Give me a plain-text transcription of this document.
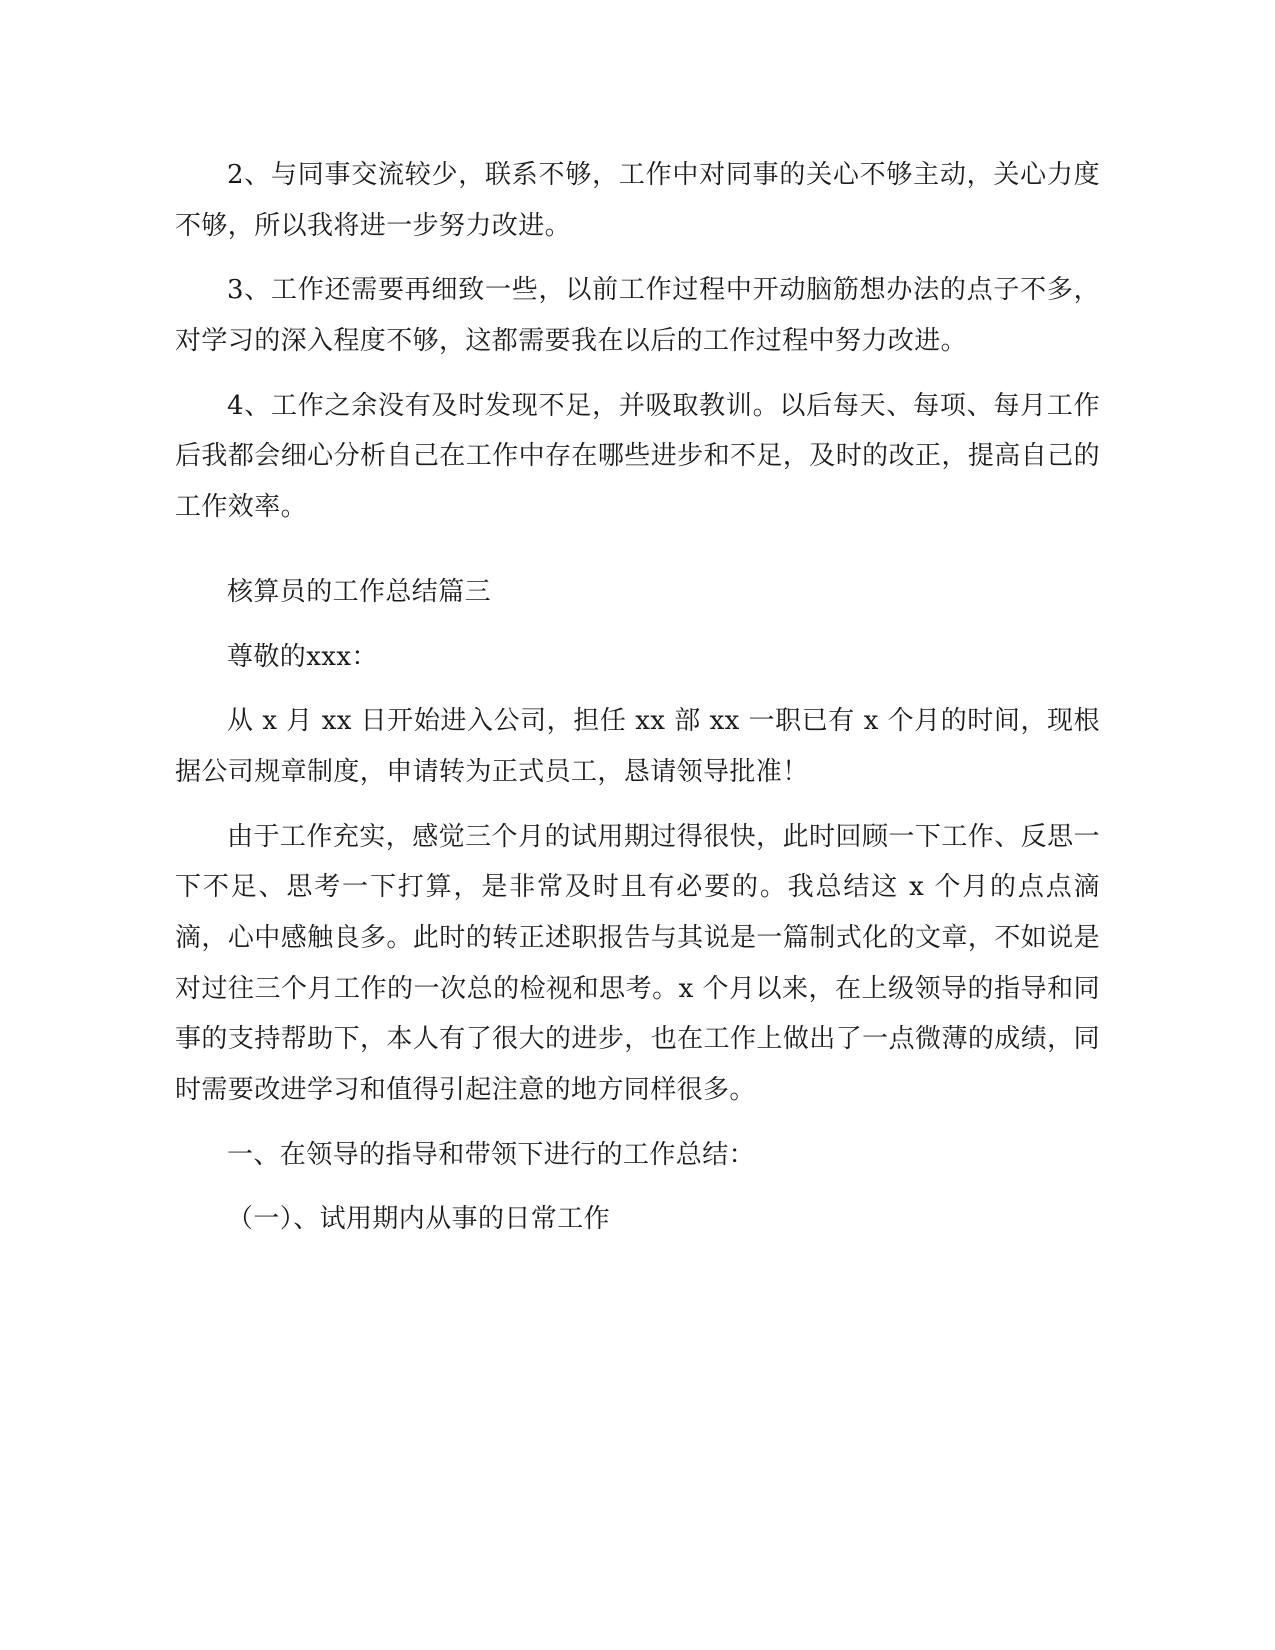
2、与同事交流较少，联系不够，工作中对同事的关心不够主动，关心力度不够，所以我将进一步努力改进。

3、工作还需要再细致一些，以前工作过程中开动脑筋想办法的点子不多，对学习的深入程度不够，这都需要我在以后的工作过程中努力改进。

4、工作之余没有及时发现不足，并吸取教训。以后每天、每项、每月工作后我都会细心分析自己在工作中存在哪些进步和不足，及时的改正，提高自己的工作效率。

核算员的工作总结篇三

尊敬的xxx：

从 x 月 xx 日开始进入公司，担任 xx 部 xx 一职已有 x 个月的时间，现根据公司规章制度，申请转为正式员工，恳请领导批准！

由于工作充实，感觉三个月的试用期过得很快，此时回顾一下工作、反思一下不足、思考一下打算，是非常及时且有必要的。我总结这 x 个月的点点滴滴，心中感触良多。此时的转正述职报告与其说是一篇制式化的文章，不如说是对过往三个月工作的一次总的检视和思考。x 个月以来，在上级领导的指导和同事的支持帮助下，本人有了很大的进步，也在工作上做出了一点微薄的成绩，同时需要改进学习和值得引起注意的地方同样很多。

一、在领导的指导和带领下进行的工作总结：

（一）、试用期内从事的日常工作
